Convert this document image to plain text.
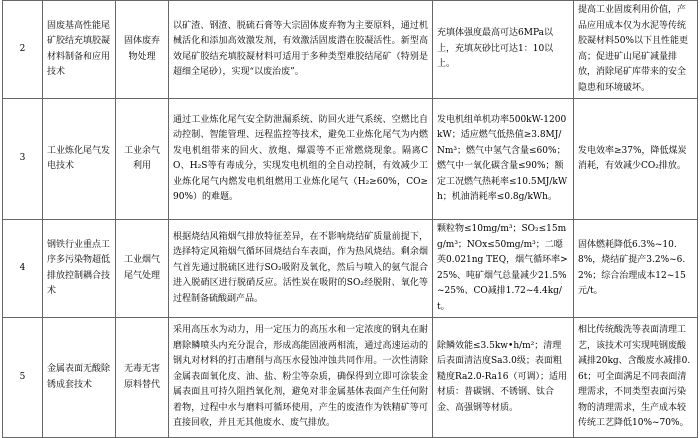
2	固废基高性能尾矿胶结充填胶凝材料制备和应用技术	固体废弃物处理	以矿渣、钢渣、脱硫石膏等大宗固体废弃物为主要原料，通过机械活化和添加高效激发剂，有效激活固废潜在胶凝活性。新型高效尾矿胶结充填胶凝材料可适用于多种类型难胶结尾矿（特别是超细全尾砂），实现“以废治废”。	充填体强度最高可达6MPa以上，充填灰砂比可达1：10以上。	提高工业固废利用价值，产品应用成本仅为水泥等传统胶凝材料50%以下且性能更高；促进矿山尾矿减量排放，消除尾矿库带来的安全隐患和环境破坏。
3	工业炼化尾气发电技术	工业余气利用	通过工业炼化尾气安全防泄漏系统、防回火进气系统、空燃比自动控制、智能管理、远程监控等技术，避免工业炼化尾气为内燃发电机组带来的回火、放炮、爆震等不正常燃烧现象。隔离CO、H₂S等有毒成分，实现发电机组的全自动控制，有效减少工业炼化尾气内燃发电机组燃用工业炼化尾气（H₂≥60%，CO≥90%）的难题。	发电机组单机功率500kW-1200kW；适应燃气低热值≥3.8MJ/Nm³；燃气中氢气含量≤60%；燃气中一氧化碳含量≤90%；额定工况燃气热耗率≤10.5MJ/kWh；机油消耗率≤0.8g/kWh。	发电效率≥37%，降低煤炭消耗，有效减少CO₂排放。
4	钢铁行业重点工序多污染物超低排放控制耦合技术	工业烟气尾气处理	根据烧结风箱烟气排放特征差异，在不影响烧结矿质量前提下，选择特定风箱烟气循环回烧结台车表面，作为热风烧结。剩余烟气首先通过脱硫区进行SO₂吸附及氧化，然后与喷入的氨气混合进入脱硝区进行脱硝反应。活性炭在吸附的SO₂经脱附、氧化等过程制备硫酸副产品。	颗粒物≤10mg/m³；SO₂≤15mg/m³；NOx≤50mg/m³；二噁英0.021ng TEQ，烟气循环率>25%、吨矿烟气总量减少21.5%~25%、CO减排1.72~4.4kg/t。	固体燃耗降低6.3%~10.8%，烧结矿提产3.2%~6.2%；综合治理成本12~15元/t。
5	金属表面无酸除锈成套技术	无毒无害原料替代	采用高压水为动力，用一定压力的高压水和一定浓度的钢丸在耐磨除鳞喷头内充分混合，形成高能固液两相流，通过高速运动的钢丸对材料的打击磨削与高压水侵蚀冲蚀共同作用。一次性清除金属表面氧化皮、油、盐、粉尘等杂质，确保得到立即可涂装金属表面且可持久阻挡氧化剂，避免对非金属基体表面产生任何附着物，过程中水与磨料可循环使用，产生的废渣作为铁精矿等可直接回收，并且无其他废水、废气排放。	除鳞效能≤3.5kw•h/m²；清理后表面清洁度Sa3.0级；表面粗糙度Ra2.0-Ra16（可调）；适用材质：普碳钢、不锈钢、钛合金、高强钢等材质。	相比传统酸洗等表面清理工艺，该技术可实现吨钢废酸减排20kg、含酸废水减排0.6t；可全面满足不同表面清理需求，不同类型表面污染物的清理需求，生产成本较传统工艺降低10%~70%。
